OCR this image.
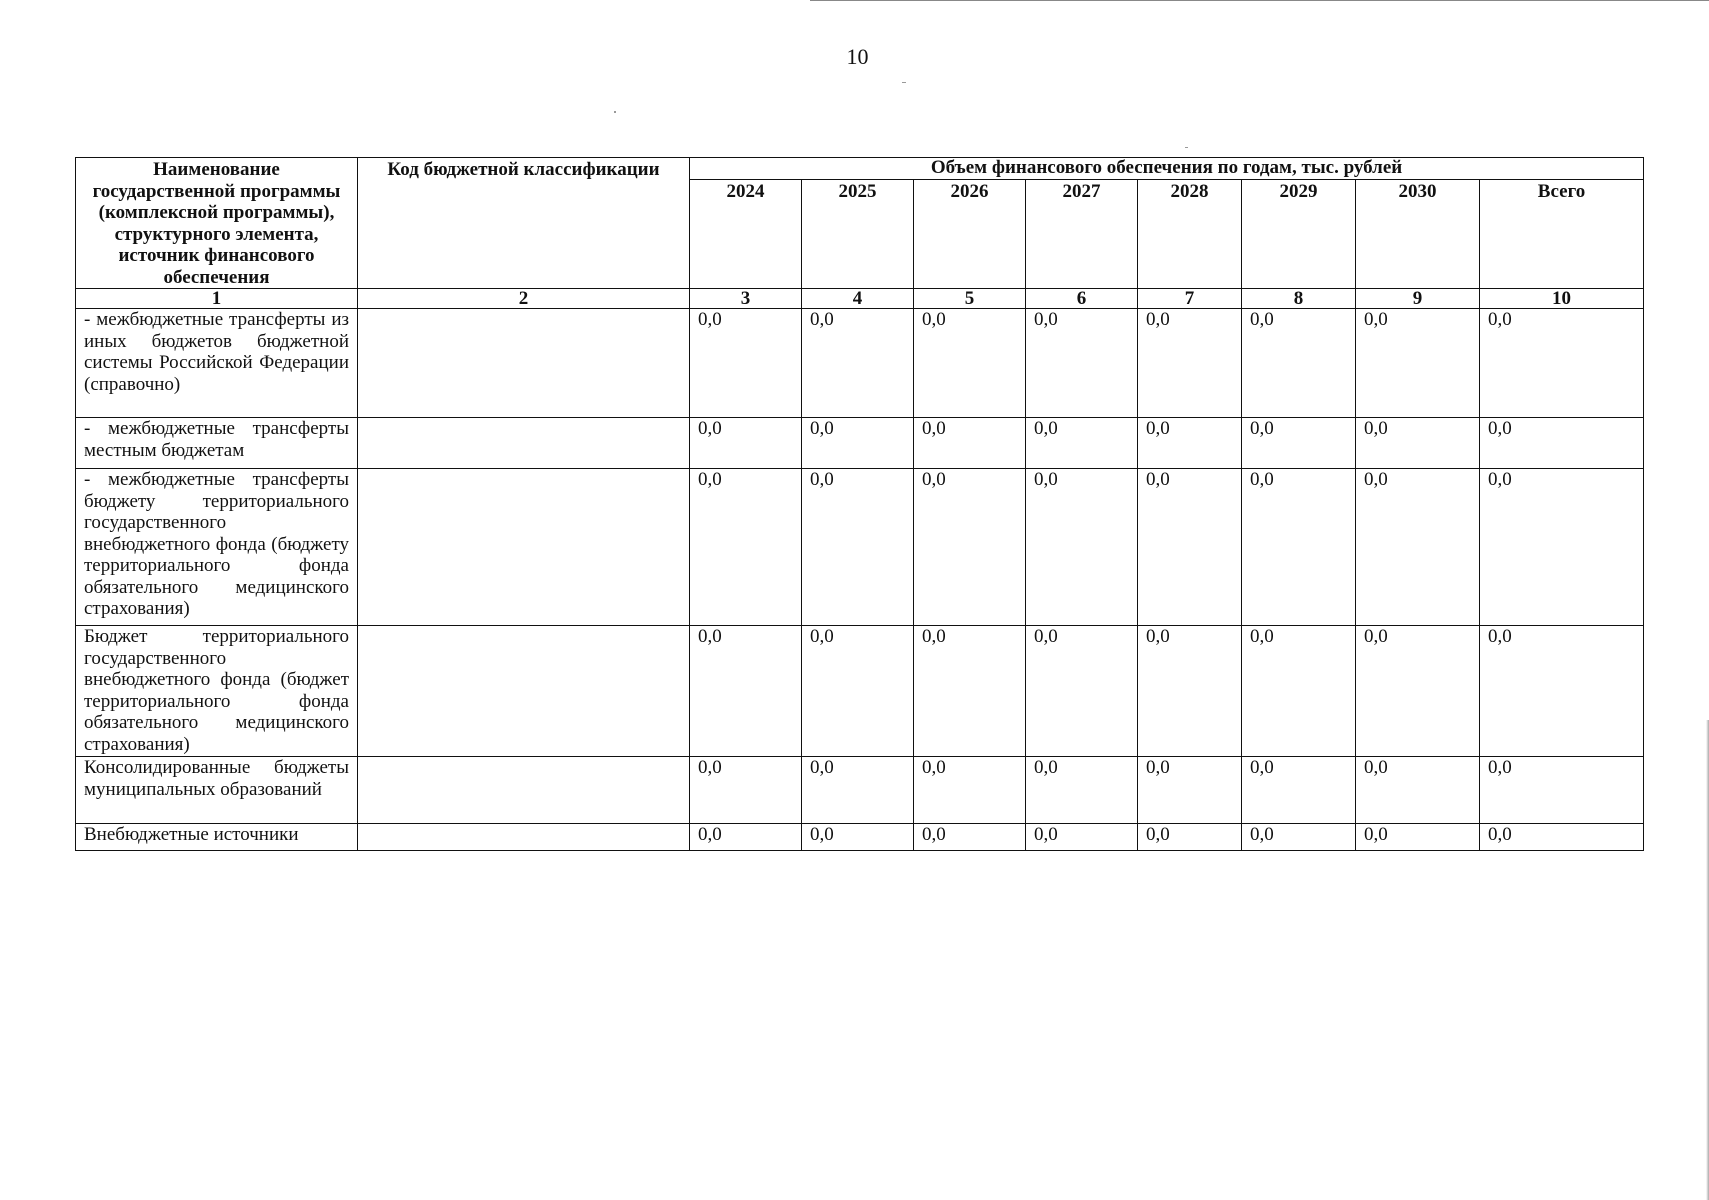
10
Наименование государственной программы (комплексной программы), структурного элемента, источник финансового обеспечения	Код бюджетной классификации	Объем финансового обеспечения по годам, тыс. рублей							
		2024	2025	2026	2027	2028	2029	2030	Всего
1	2	3	4	5	6	7	8	9	10
- межбюджетные трансферты из иных бюджетов бюджетной системы Российской Федерации (справочно)		0,0	0,0	0,0	0,0	0,0	0,0	0,0	0,0
- межбюджетные трансферты местным бюджетам		0,0	0,0	0,0	0,0	0,0	0,0	0,0	0,0
- межбюджетные трансферты бюджету территориального государственного внебюджетного фонда (бюджету территориального фонда обязательного медицинского страхования)		0,0	0,0	0,0	0,0	0,0	0,0	0,0	0,0
Бюджет территориального государственного внебюджетного фонда (бюджет территориального фонда обязательного медицинского страхования)		0,0	0,0	0,0	0,0	0,0	0,0	0,0	0,0
Консолидированные бюджеты муниципальных образований		0,0	0,0	0,0	0,0	0,0	0,0	0,0	0,0
Внебюджетные источники		0,0	0,0	0,0	0,0	0,0	0,0	0,0	0,0
